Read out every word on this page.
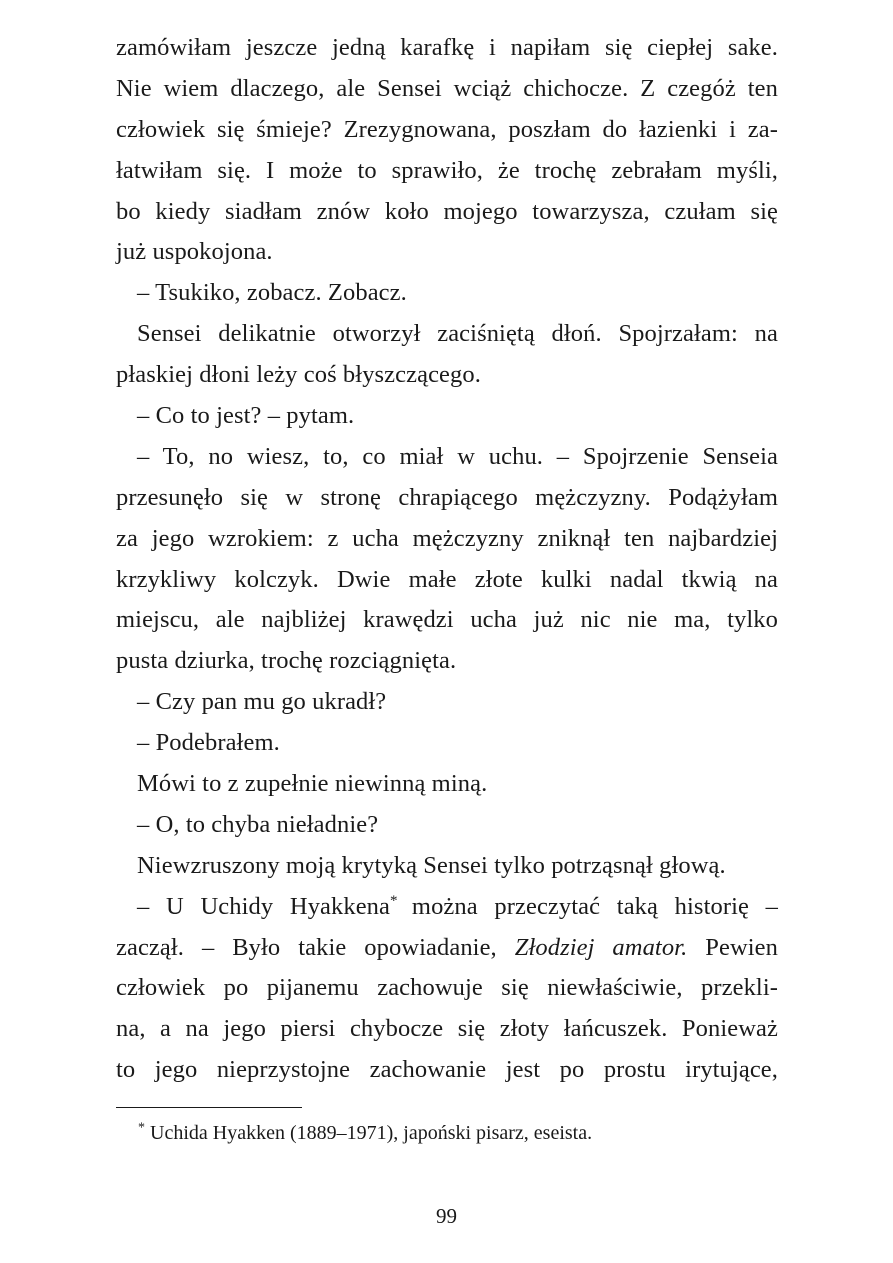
zamówiłam jeszcze jedną karafkę i napiłam się ciepłej sake.
Nie wiem dlaczego, ale Sensei wciąż chichocze. Z czegóż ten
człowiek się śmieje? Zrezygnowana, poszłam do łazienki i za-
łatwiłam się. I może to sprawiło, że trochę zebrałam myśli,
bo kiedy siadłam znów koło mojego towarzysza, czułam się
już uspokojona.
– Tsukiko, zobacz. Zobacz.
Sensei delikatnie otworzył zaciśniętą dłoń. Spojrzałam: na
płaskiej dłoni leży coś błyszczącego.
– Co to jest? – pytam.
– To, no wiesz, to, co miał w uchu. – Spojrzenie Senseia
przesunęło się w stronę chrapiącego mężczyzny. Podążyłam
za jego wzrokiem: z ucha mężczyzny zniknął ten najbardziej
krzykliwy kolczyk. Dwie małe złote kulki nadal tkwią na
miejscu, ale najbliżej krawędzi ucha już nic nie ma, tylko
pusta dziurka, trochę rozciągnięta.
– Czy pan mu go ukradł?
– Podebrałem.
Mówi to z zupełnie niewinną miną.
– O, to chyba niеładnie?
Niewzruszony moją krytyką Sensei tylko potrząsnął głową.
– U Uchidy Hyakkena* można przeczytać taką historię –
zaczął. – Było takie opowiadanie, Złodziej amator. Pewien
człowiek po pijanemu zachowuje się niewłaściwie, przekli-
na, a na jego piersi chybocze się złoty łańcuszek. Ponieważ
to jego nieprzystojne zachowanie jest po prostu irytujące,
* Uchida Hyakken (1889–1971), japoński pisarz, eseista.
99
